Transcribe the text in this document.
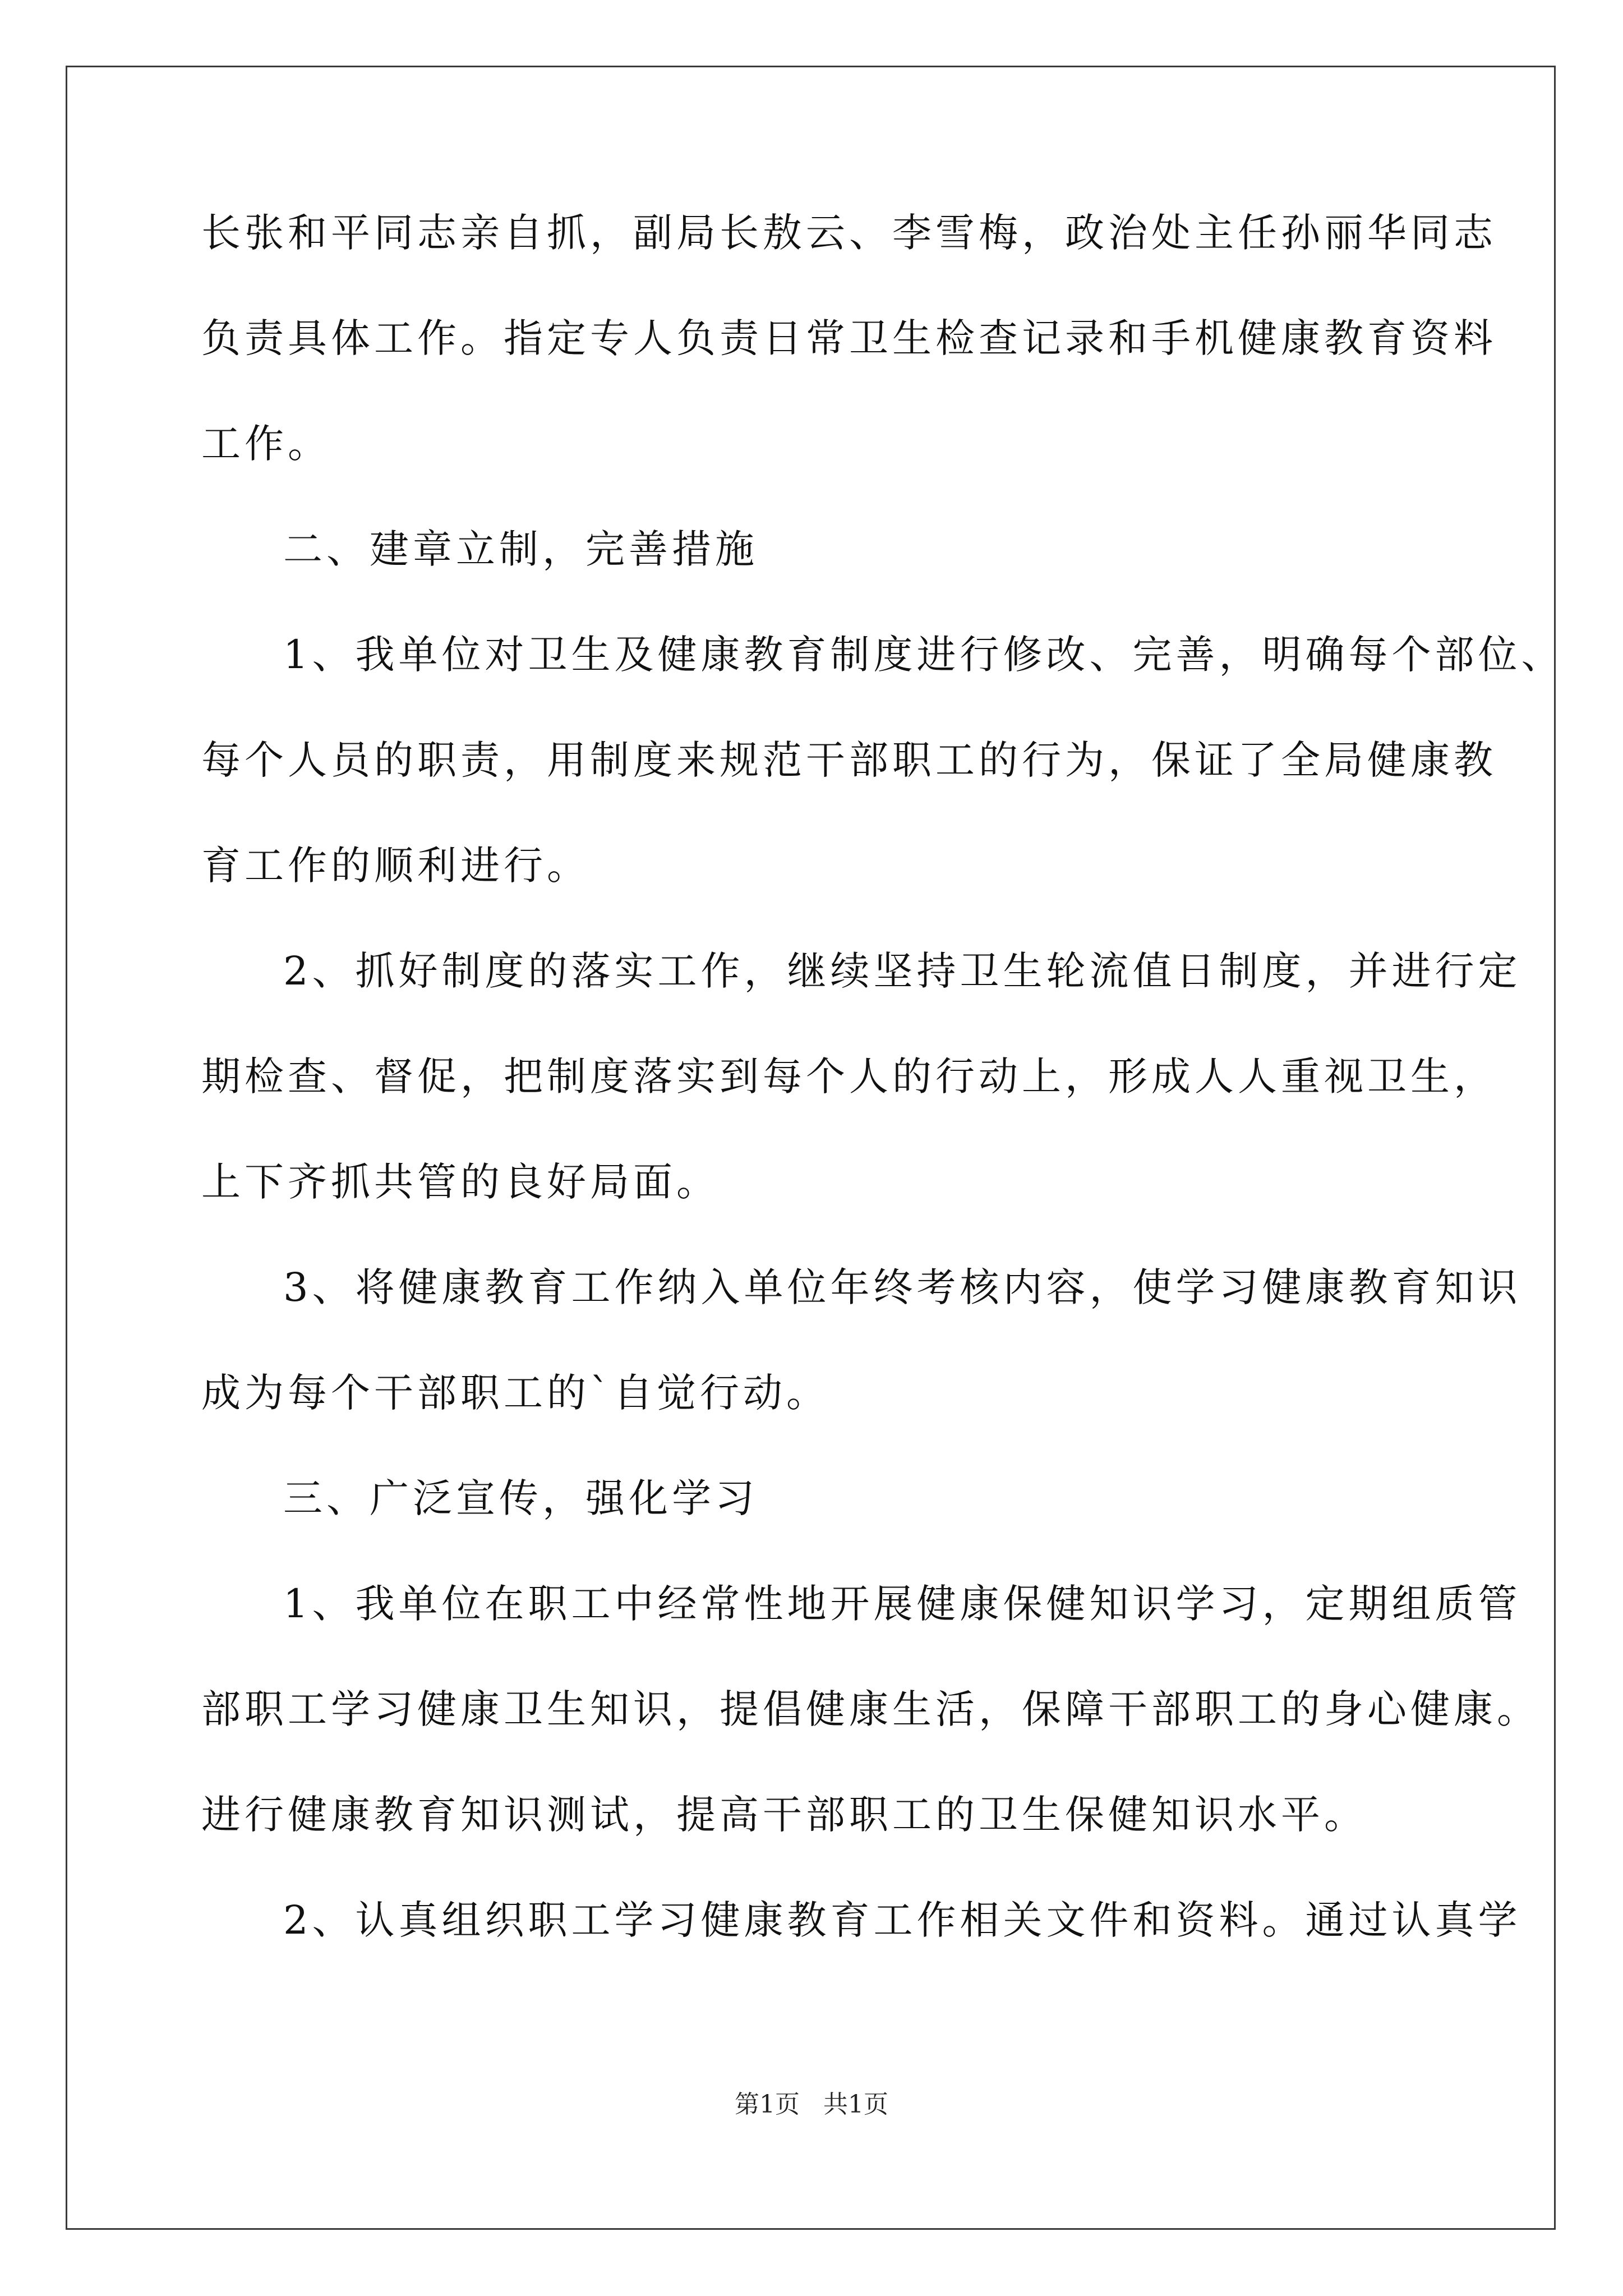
长张和平同志亲自抓，副局长敖云、李雪梅，政治处主任孙丽华同志
负责具体工作。指定专人负责日常卫生检查记录和手机健康教育资料
工作。
二、建章立制，完善措施
1、我单位对卫生及健康教育制度进行修改、完善，明确每个部位、
每个人员的职责，用制度来规范干部职工的行为，保证了全局健康教
育工作的顺利进行。
2、抓好制度的落实工作，继续坚持卫生轮流值日制度，并进行定
期检查、督促，把制度落实到每个人的行动上，形成人人重视卫生，
上下齐抓共管的良好局面。
3、将健康教育工作纳入单位年终考核内容，使学习健康教育知识
成为每个干部职工的`自觉行动。
三、广泛宣传，强化学习
1、我单位在职工中经常性地开展健康保健知识学习，定期组质管
部职工学习健康卫生知识，提倡健康生活，保障干部职工的身心健康。
进行健康教育知识测试，提高干部职工的卫生保健知识水平。
2、认真组织职工学习健康教育工作相关文件和资料。通过认真学
第1页   共1页
